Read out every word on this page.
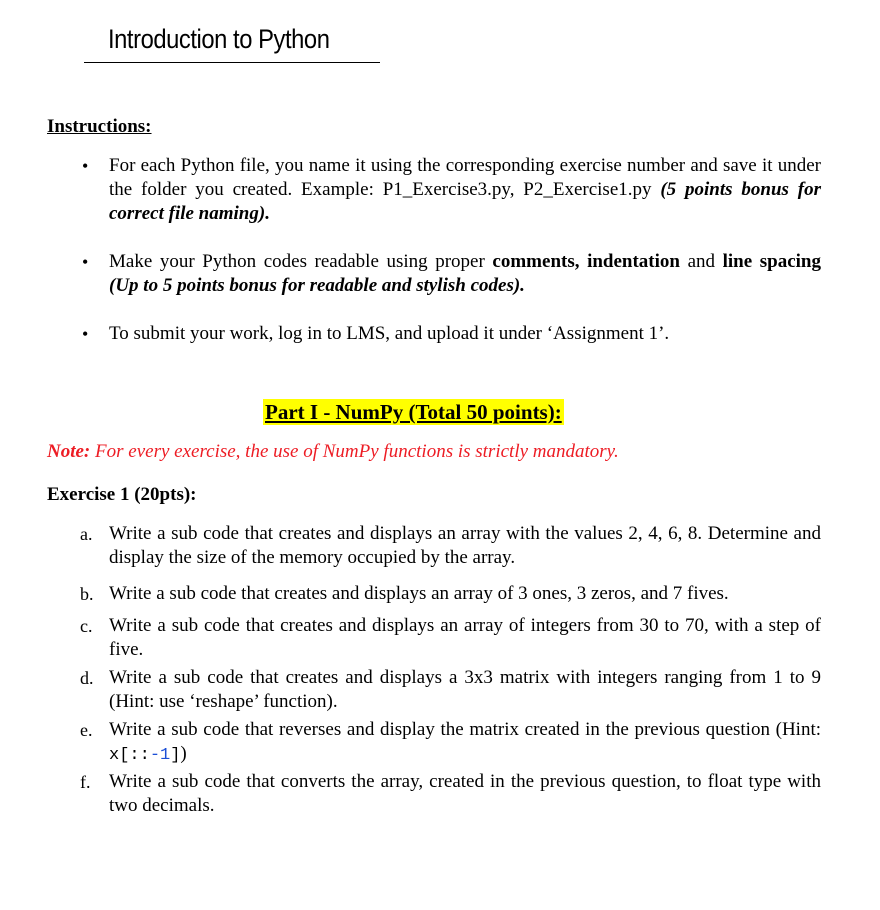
Introduction to Python
Instructions:
• For each Python file, you name it using the corresponding exercise number and save it under the folder you created. Example: P1_Exercise3.py, P2_Exercise1.py (5 points bonus for correct file naming).
• Make your Python codes readable using proper comments, indentation and line spacing (Up to 5 points bonus for readable and stylish codes).
• To submit your work, log in to LMS, and upload it under ‘Assignment 1’.
Part I - NumPy (Total 50 points):
Note: For every exercise, the use of NumPy functions is strictly mandatory.
Exercise 1 (20pts):
a. Write a sub code that creates and displays an array with the values 2, 4, 6, 8. Determine and display the size of the memory occupied by the array.
b. Write a sub code that creates and displays an array of 3 ones, 3 zeros, and 7 fives.
c. Write a sub code that creates and displays an array of integers from 30 to 70, with a step of five.
d. Write a sub code that creates and displays a 3x3 matrix with integers ranging from 1 to 9 (Hint: use ‘reshape’ function).
e. Write a sub code that reverses and display the matrix created in the previous question (Hint: x[::-1])
f. Write a sub code that converts the array, created in the previous question, to float type with two decimals.
